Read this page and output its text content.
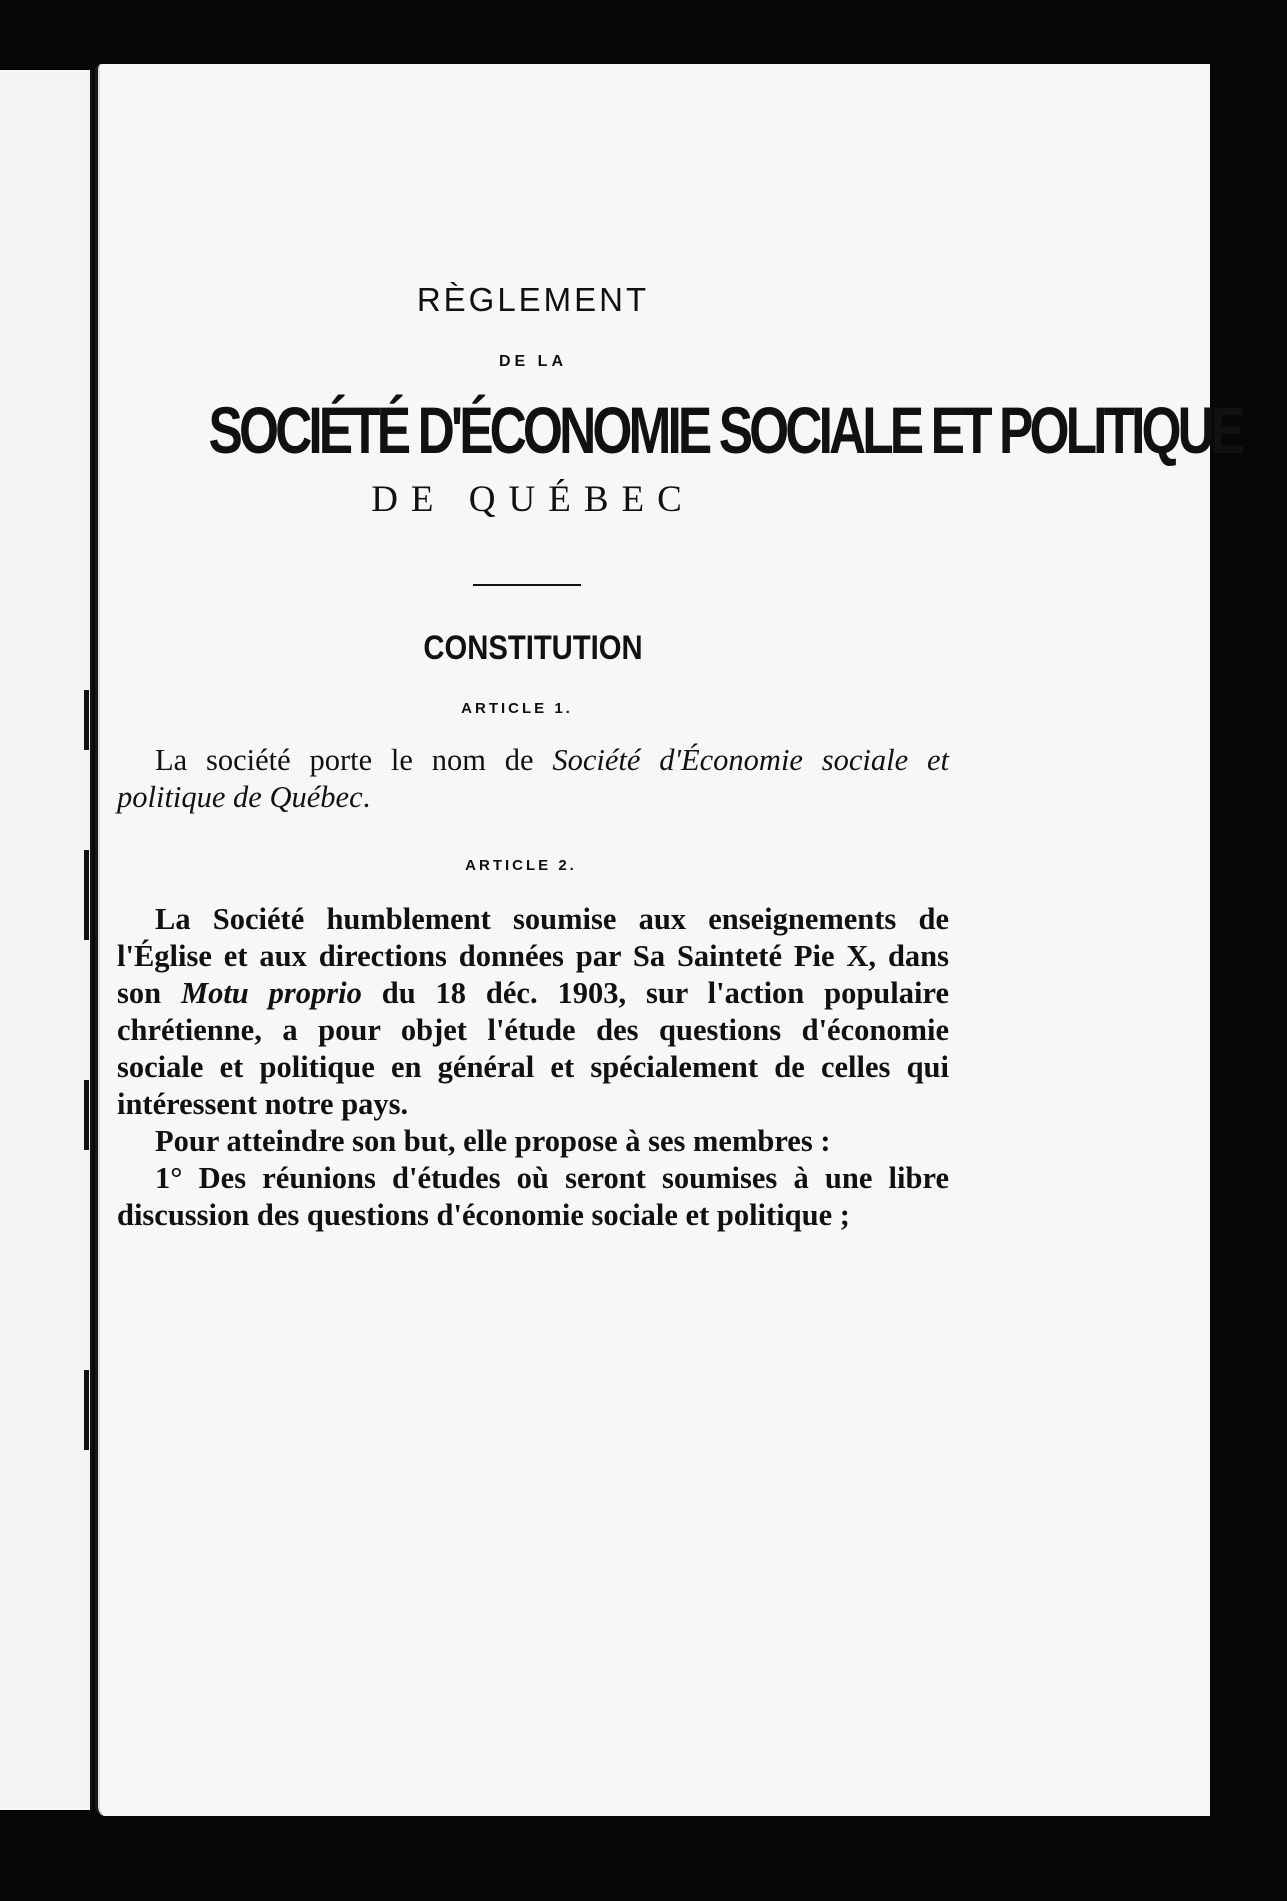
RÈGLEMENT
DE LA
SOCIÉTÉ D'ÉCONOMIE SOCIALE ET POLITIQUE
DE QUÉBEC
CONSTITUTION
ARTICLE 1.

La société porte le nom de Société d'Économie sociale et politique de Québec.

ARTICLE 2.

La Société humblement soumise aux enseignements de l'Église et aux directions données par Sa Sainteté Pie X, dans son Motu proprio du 18 déc. 1903, sur l'action populaire chrétienne, a pour objet l'étude des questions d'économie sociale et politique en général et spécialement de celles qui intéressent notre pays.

Pour atteindre son but, elle propose à ses membres :

1° Des réunions d'études où seront soumises à une libre discussion des questions d'économie sociale et politique ;
